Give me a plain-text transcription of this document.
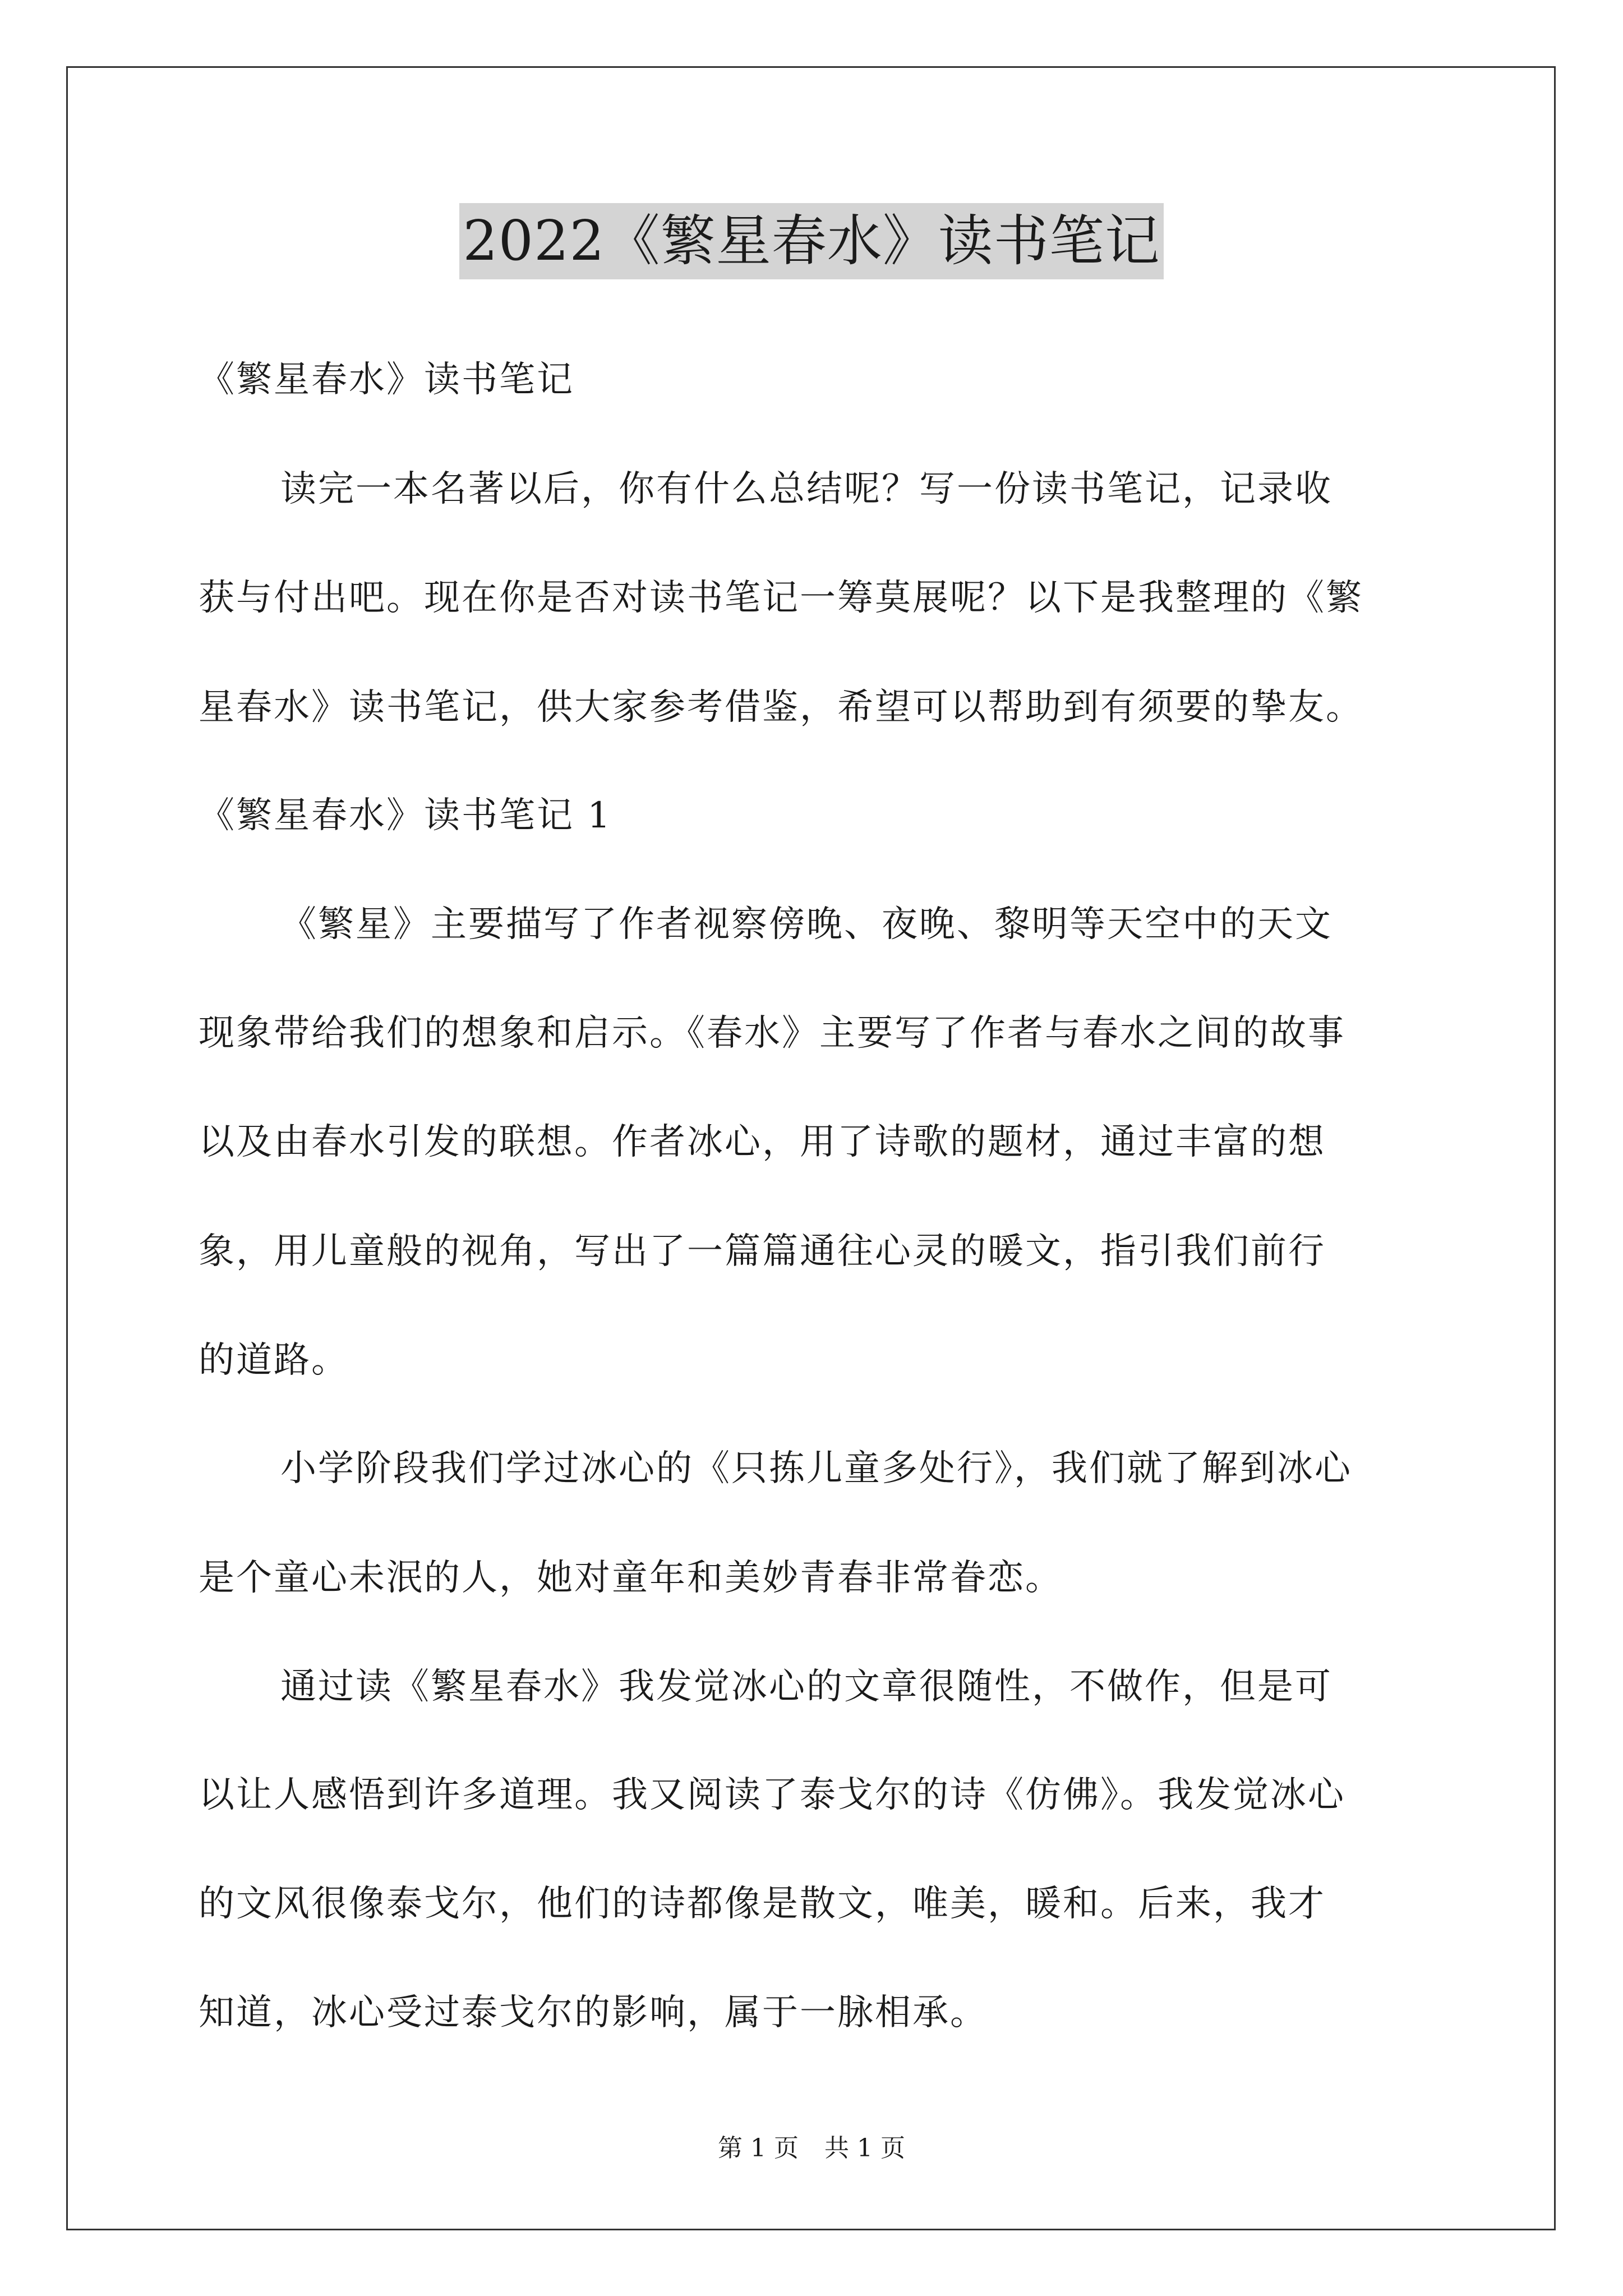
2022《繁星春水》读书笔记
《繁星春水》读书笔记
读完一本名著以后，你有什么总结呢？写一份读书笔记，记录收
获与付出吧。现在你是否对读书笔记一筹莫展呢？以下是我整理的《繁
星春水》读书笔记，供大家参考借鉴，希望可以帮助到有须要的挚友。
《繁星春水》读书笔记 1
《繁星》主要描写了作者视察傍晚、夜晚、黎明等天空中的天文
现象带给我们的想象和启示。《春水》主要写了作者与春水之间的故事
以及由春水引发的联想。作者冰心，用了诗歌的题材，通过丰富的想
象，用儿童般的视角，写出了一篇篇通往心灵的暖文，指引我们前行
的道路。
小学阶段我们学过冰心的《只拣儿童多处行》，我们就了解到冰心
是个童心未泯的人，她对童年和美妙青春非常眷恋。
通过读《繁星春水》我发觉冰心的文章很随性，不做作，但是可
以让人感悟到许多道理。我又阅读了泰戈尔的诗《仿佛》。我发觉冰心
的文风很像泰戈尔，他们的诗都像是散文，唯美，暖和。后来，我才
知道，冰心受过泰戈尔的影响，属于一脉相承。
第 1 页 共 1 页
